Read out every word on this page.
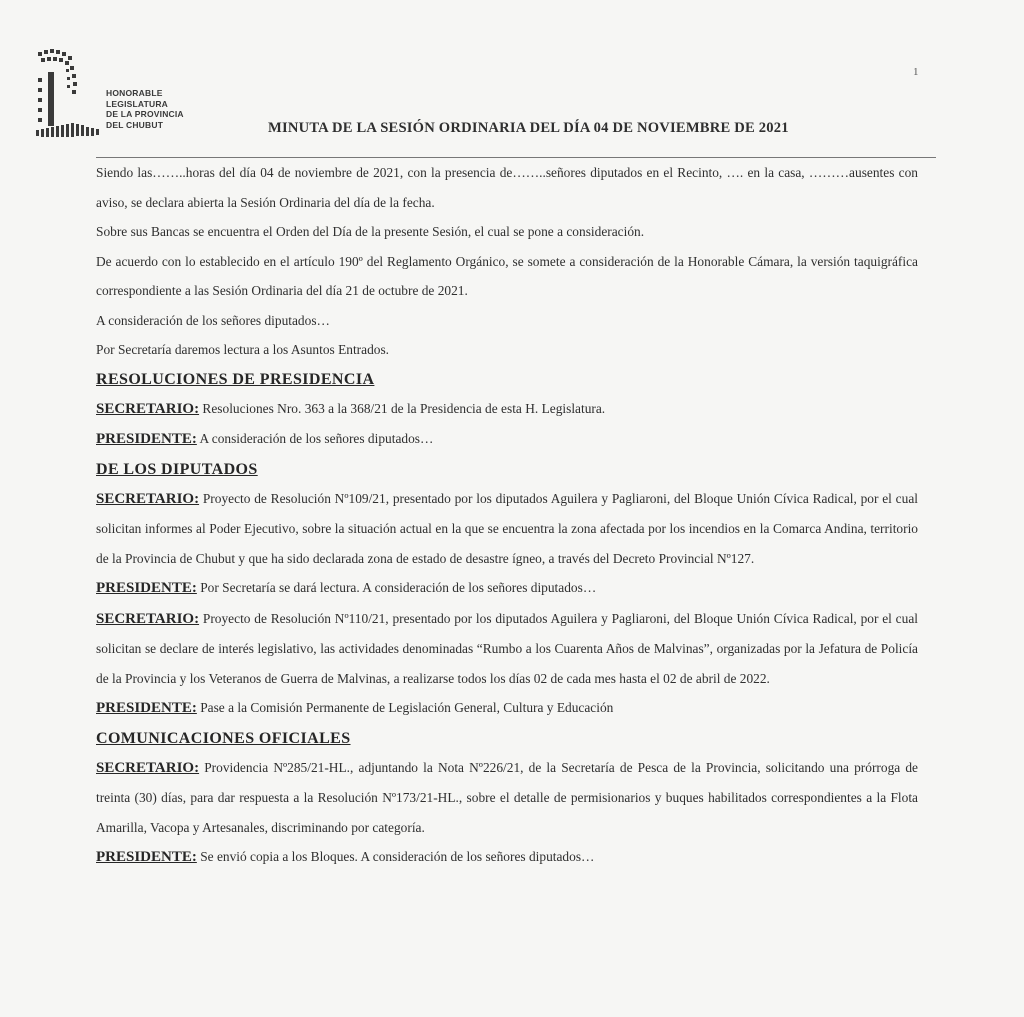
1
HONORABLE
LEGISLATURA
DE LA PROVINCIA
DEL CHUBUT	MINUTA DE LA SESIÓN ORDINARIA DEL DÍA 04 DE NOVIEMBRE DE 2021

Siendo las……..horas del día 04 de noviembre de 2021, con la presencia de……..señores diputados en el Recinto, …. en la casa, ………ausentes con aviso, se declara abierta la Sesión Ordinaria del día de la fecha.

Sobre sus Bancas se encuentra el Orden del Día de la presente Sesión, el cual se pone a consideración.

De acuerdo con lo establecido en el artículo 190º del Reglamento Orgánico, se somete a consideración de la Honorable Cámara, la versión taquigráfica correspondiente a las Sesión Ordinaria del día 21 de octubre de 2021.

A consideración de los señores diputados…

Por Secretaría daremos lectura a los Asuntos Entrados.

RESOLUCIONES DE PRESIDENCIA

SECRETARIO: Resoluciones Nro. 363 a la 368/21 de la Presidencia de esta H. Legislatura.

PRESIDENTE: A consideración de los señores diputados…

DE LOS DIPUTADOS

SECRETARIO: Proyecto de Resolución Nº109/21, presentado por los diputados Aguilera y Pagliaroni, del Bloque Unión Cívica Radical, por el cual solicitan informes al Poder Ejecutivo, sobre la situación actual en la que se encuentra la zona afectada por los incendios en la Comarca Andina, territorio de la Provincia de Chubut y que ha sido declarada zona de estado de desastre ígneo, a través del Decreto Provincial Nº127.

PRESIDENTE: Por Secretaría se dará lectura. A consideración de los señores diputados…

SECRETARIO: Proyecto de Resolución Nº110/21, presentado por los diputados Aguilera y Pagliaroni, del Bloque Unión Cívica Radical, por el cual solicitan se declare de interés legislativo, las actividades denominadas “Rumbo a los Cuarenta Años de Malvinas”, organizadas por la Jefatura de Policía de la Provincia y los Veteranos de Guerra de Malvinas, a realizarse todos los días 02 de cada mes hasta el 02 de abril de 2022.

PRESIDENTE: Pase a la Comisión Permanente de Legislación General, Cultura y Educación

COMUNICACIONES OFICIALES

SECRETARIO: Providencia Nº285/21-HL., adjuntando la Nota Nº226/21, de la Secretaría de Pesca de la Provincia, solicitando una prórroga de treinta (30) días, para dar respuesta a la Resolución Nº173/21-HL., sobre el detalle de permisionarios y buques habilitados correspondientes a la Flota Amarilla, Vacopa y Artesanales, discriminando por categoría.

PRESIDENTE: Se envió copia a los Bloques. A consideración de los señores diputados…
